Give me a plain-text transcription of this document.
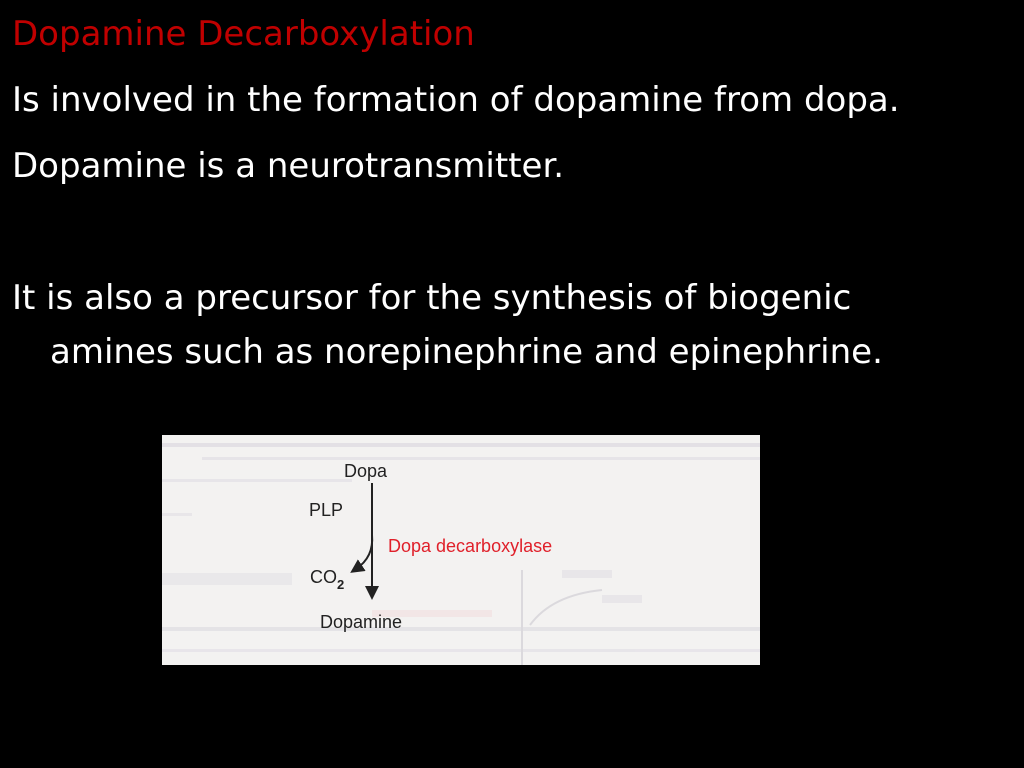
Dopamine Decarboxylation

Is involved in the formation of dopamine from dopa.

Dopamine is a neurotransmitter.

It is also a precursor for the synthesis of biogenic

amines such as norepinephrine and epinephrine.

Dopa
PLP
Dopa decarboxylase
$CO_2$
Dopamine
